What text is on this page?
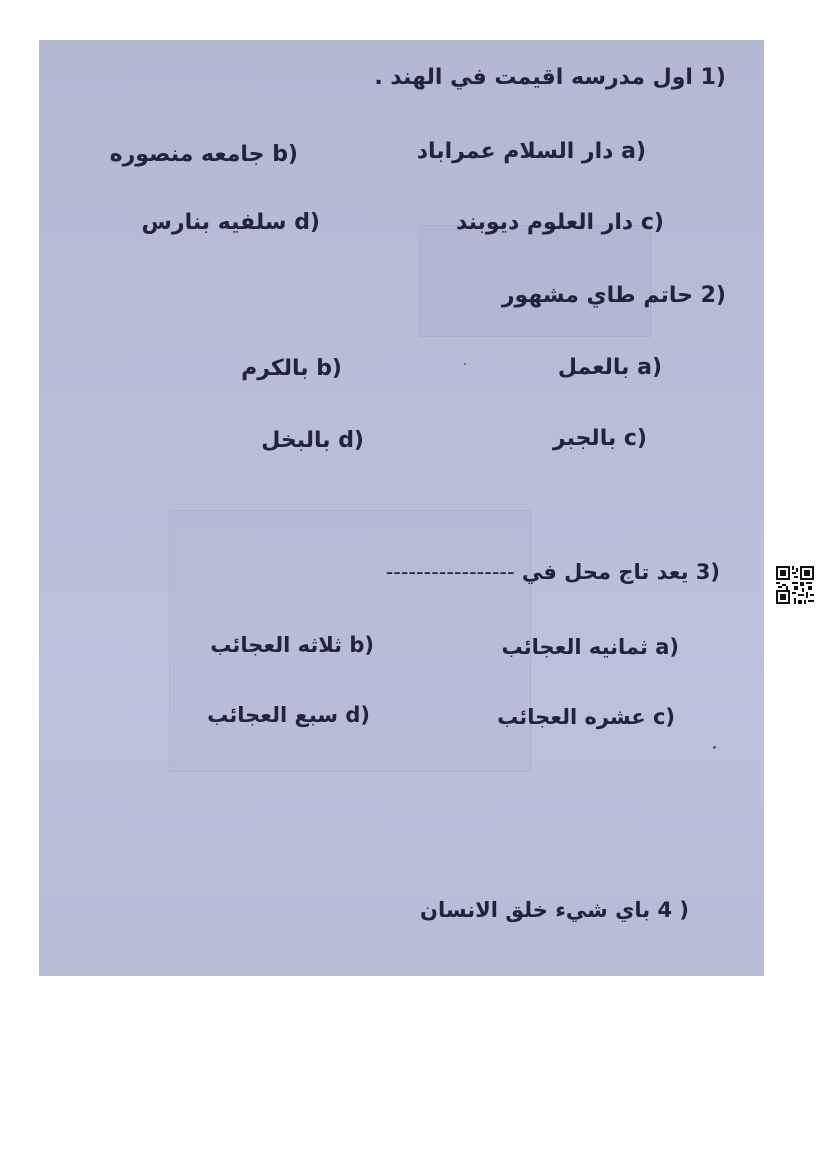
1) اول مدرسه اقيمت في الهند .
a) دار السلام عمراباد
b) جامعه منصوره
c) دار العلوم ديوبند
d) سلفيه بنارس
2) حاتم طاي مشهور
a) بالعمل
b) بالكرم
c) بالجبر
d) بالبخل
3) يعد تاج محل في -----------------
a) ثمانيه العجائب
b) ثلاثه العجائب
c) عشره العجائب
d) سبع العجائب
4 ) باي شيء خلق الانسان
